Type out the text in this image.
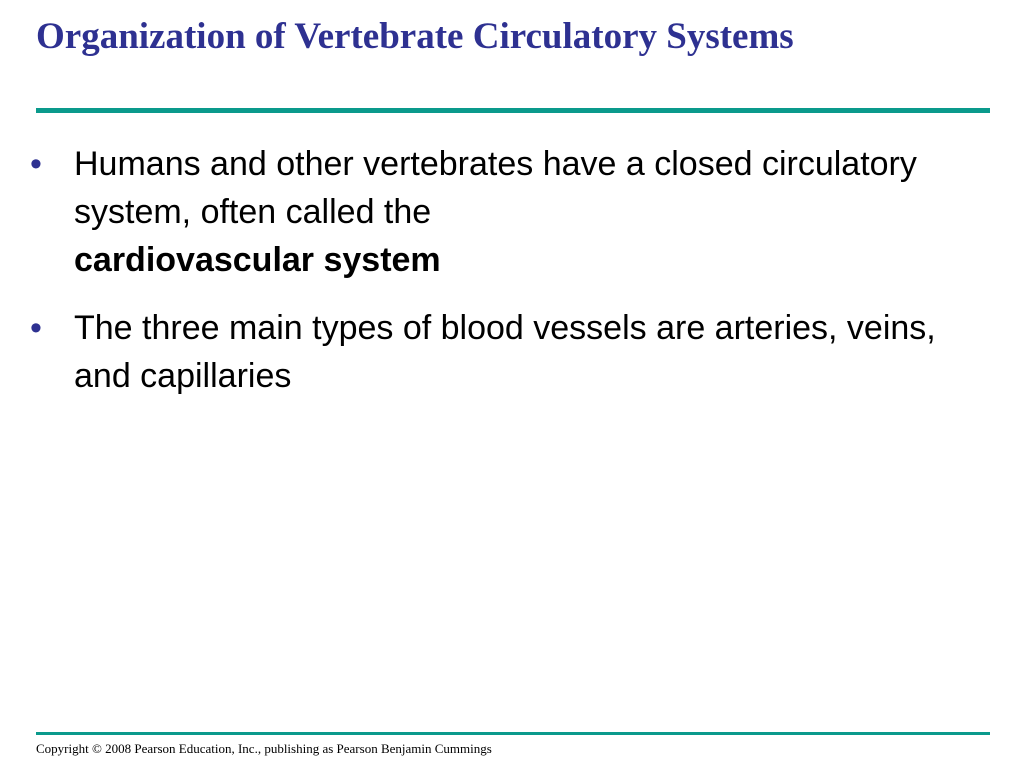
Organization of Vertebrate Circulatory Systems
• Humans and other vertebrates have a closed circulatory system, often called the
cardiovascular system
• The three main types of blood vessels are arteries, veins, and capillaries
Copyright © 2008 Pearson Education, Inc., publishing as Pearson Benjamin Cummings
